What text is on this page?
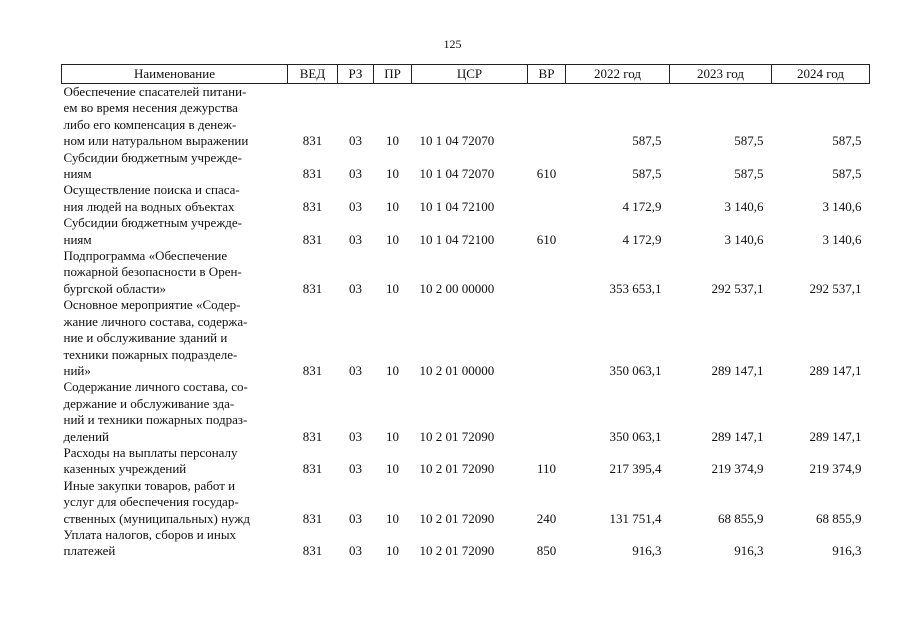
125
Наименование	ВЕД	РЗ	ПР	ЦСР	ВР	2022 год	2023 год	2024 год
Обеспечение спасателей питани-
ем во время несения дежурства
либо его компенсация в денеж-
ном или натуральном выражении	831	03	10	10 1 04 72070		587,5	587,5	587,5
Субсидии бюджетным учрежде-
ниям	831	03	10	10 1 04 72070	610	587,5	587,5	587,5
Осуществление поиска и спаса-
ния людей на водных объектах	831	03	10	10 1 04 72100		4 172,9	3 140,6	3 140,6
Субсидии бюджетным учрежде-
ниям	831	03	10	10 1 04 72100	610	4 172,9	3 140,6	3 140,6
Подпрограмма «Обеспечение
пожарной безопасности в Орен-
бургской области»	831	03	10	10 2 00 00000		353 653,1	292 537,1	292 537,1
Основное мероприятие «Содер-
жание личного состава, содержа-
ние и обслуживание зданий и
техники пожарных подразделе-
ний»	831	03	10	10 2 01 00000		350 063,1	289 147,1	289 147,1
Содержание личного состава, со-
держание и обслуживание зда-
ний и техники пожарных подраз-
делений	831	03	10	10 2 01 72090		350 063,1	289 147,1	289 147,1
Расходы на выплаты персоналу
казенных учреждений	831	03	10	10 2 01 72090	110	217 395,4	219 374,9	219 374,9
Иные закупки товаров, работ и
услуг для обеспечения государ-
ственных (муниципальных) нужд	831	03	10	10 2 01 72090	240	131 751,4	68 855,9	68 855,9
Уплата налогов, сборов и иных
платежей	831	03	10	10 2 01 72090	850	916,3	916,3	916,3
